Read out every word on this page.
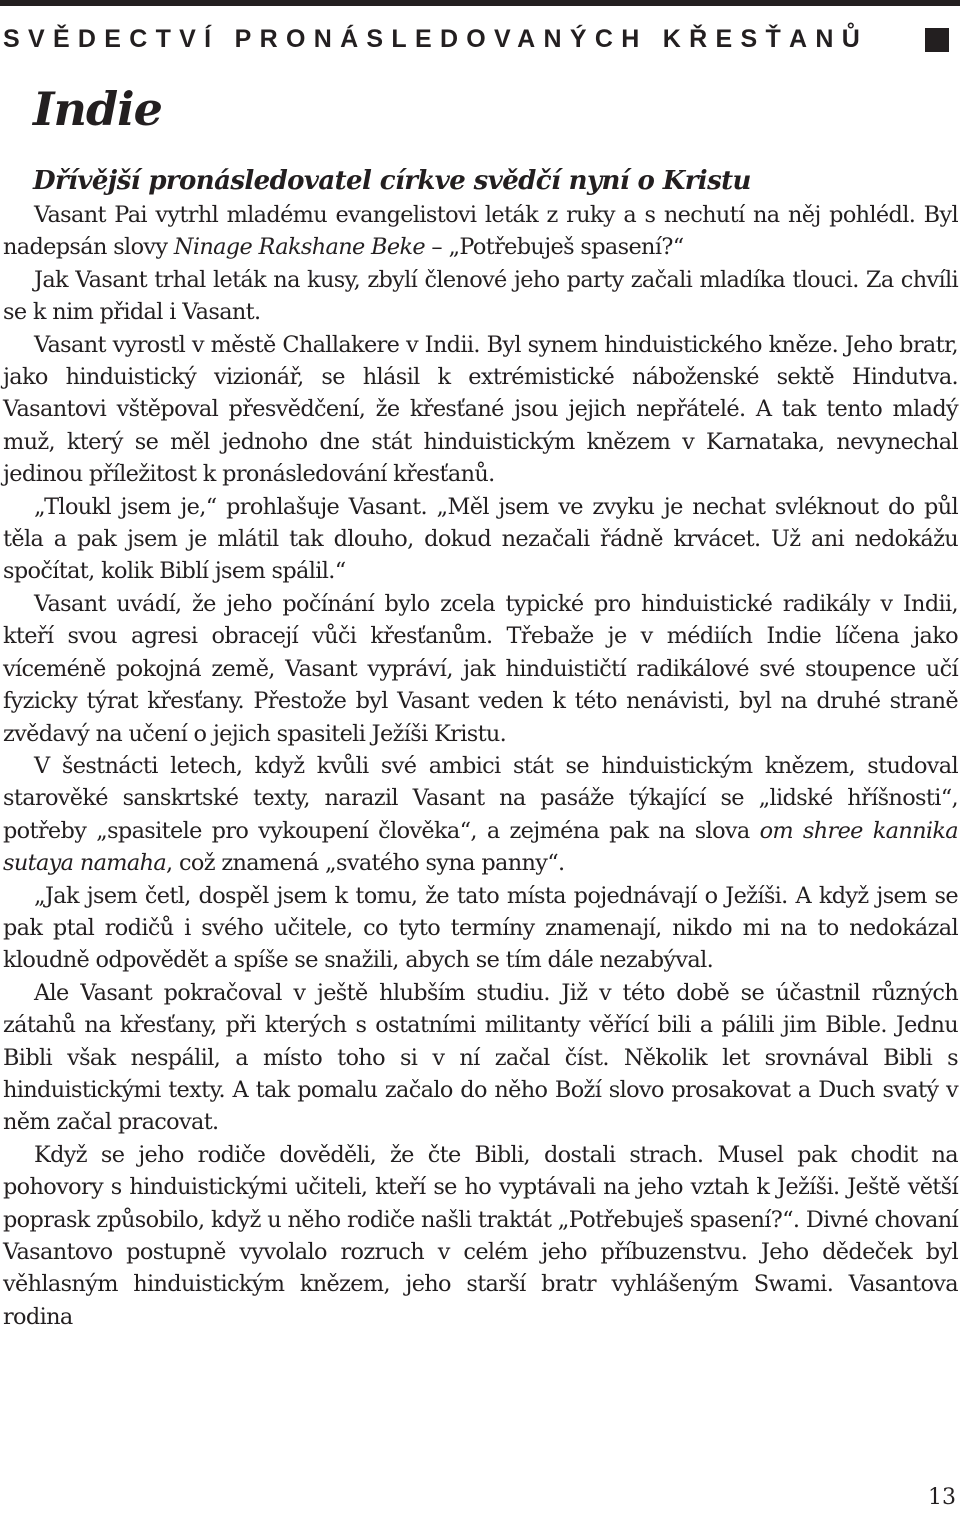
SVĚDECTVÍ PRONÁSLEDOVANÝCH KŘESŤANŮ
Indie
Dřívější pronásledovatel církve svědčí nyní o Kristu

Vasant Pai vytrhl mladému evangelistovi leták z ruky a s nechutí na něj pohlédl. Byl nadepsán slovy Ninage Rakshane Beke – „Potřebuješ spasení?“

Jak Vasant trhal leták na kusy, zbylí členové jeho party začali mladíka tlouci. Za chvíli se k nim přidal i Vasant.

Vasant vyrostl v městě Challakere v Indii. Byl synem hinduistického kněze. Jeho bratr, jako hinduistický vizionář, se hlásil k extrémistické náboženské sektě Hindutva. Vasantovi vštěpoval přesvědčení, že křesťané jsou jejich nepřátelé. A tak tento mladý muž, který se měl jednoho dne stát hinduistickým knězem v Karnataka, nevynechal jedinou příležitost k pronásledování křesťanů.

„Tloukl jsem je,“ prohlašuje Vasant. „Měl jsem ve zvyku je nechat svléknout do půl těla a pak jsem je mlátil tak dlouho, dokud nezačali řádně krvácet. Už ani nedokážu spočítat, kolik Biblí jsem spálil.“

Vasant uvádí, že jeho počínání bylo zcela typické pro hinduistické radikály v Indii, kteří svou agresi obracejí vůči křesťanům. Třebaže je v médiích Indie líčena jako víceméně pokojná země, Vasant vypráví, jak hinduističtí radikálové své stoupence učí fyzicky týrat křesťany. Přestože byl Vasant veden k této nenávisti, byl na druhé straně zvědavý na učení o jejich spasiteli Ježíši Kristu.

V šestnácti letech, když kvůli své ambici stát se hinduistickým knězem, studoval starověké sanskrtské texty, narazil Vasant na pasáže týkající se „lidské hříšnosti“, potřeby „spasitele pro vykoupení člověka“, a zejména pak na slova om shree kannika sutaya namaha, což znamená „svatého syna panny“.

„Jak jsem četl, dospěl jsem k tomu, že tato místa pojednávají o Ježíši. A když jsem se pak ptal rodičů i svého učitele, co tyto termíny znamenají, nikdo mi na to nedokázal kloudně odpovědět a spíše se snažili, abych se tím dále nezabýval.

Ale Vasant pokračoval v ještě hlubším studiu. Již v této době se účastnil různých zátahů na křesťany, při kterých s ostatními militanty věřící bili a pálili jim Bible. Jednu Bibli však nespálil, a místo toho si v ní začal číst. Několik let srovnával Bibli s hinduistickými texty. A tak pomalu začalo do něho Boží slovo prosakovat a Duch svatý v něm začal pracovat.

Když se jeho rodiče dověděli, že čte Bibli, dostali strach. Musel pak chodit na pohovory s hinduistickými učiteli, kteří se ho vyptávali na jeho vztah k Ježíši. Ještě větší poprask způsobilo, když u něho rodiče našli traktát „Potřebuješ spasení?“. Divné chovaní Vasantovo postupně vyvolalo rozruch v celém jeho příbuzenstvu. Jeho dědeček byl věhlasným hinduistickým knězem, jeho starší bratr vyhlášeným Swami. Vasantova rodina

13
